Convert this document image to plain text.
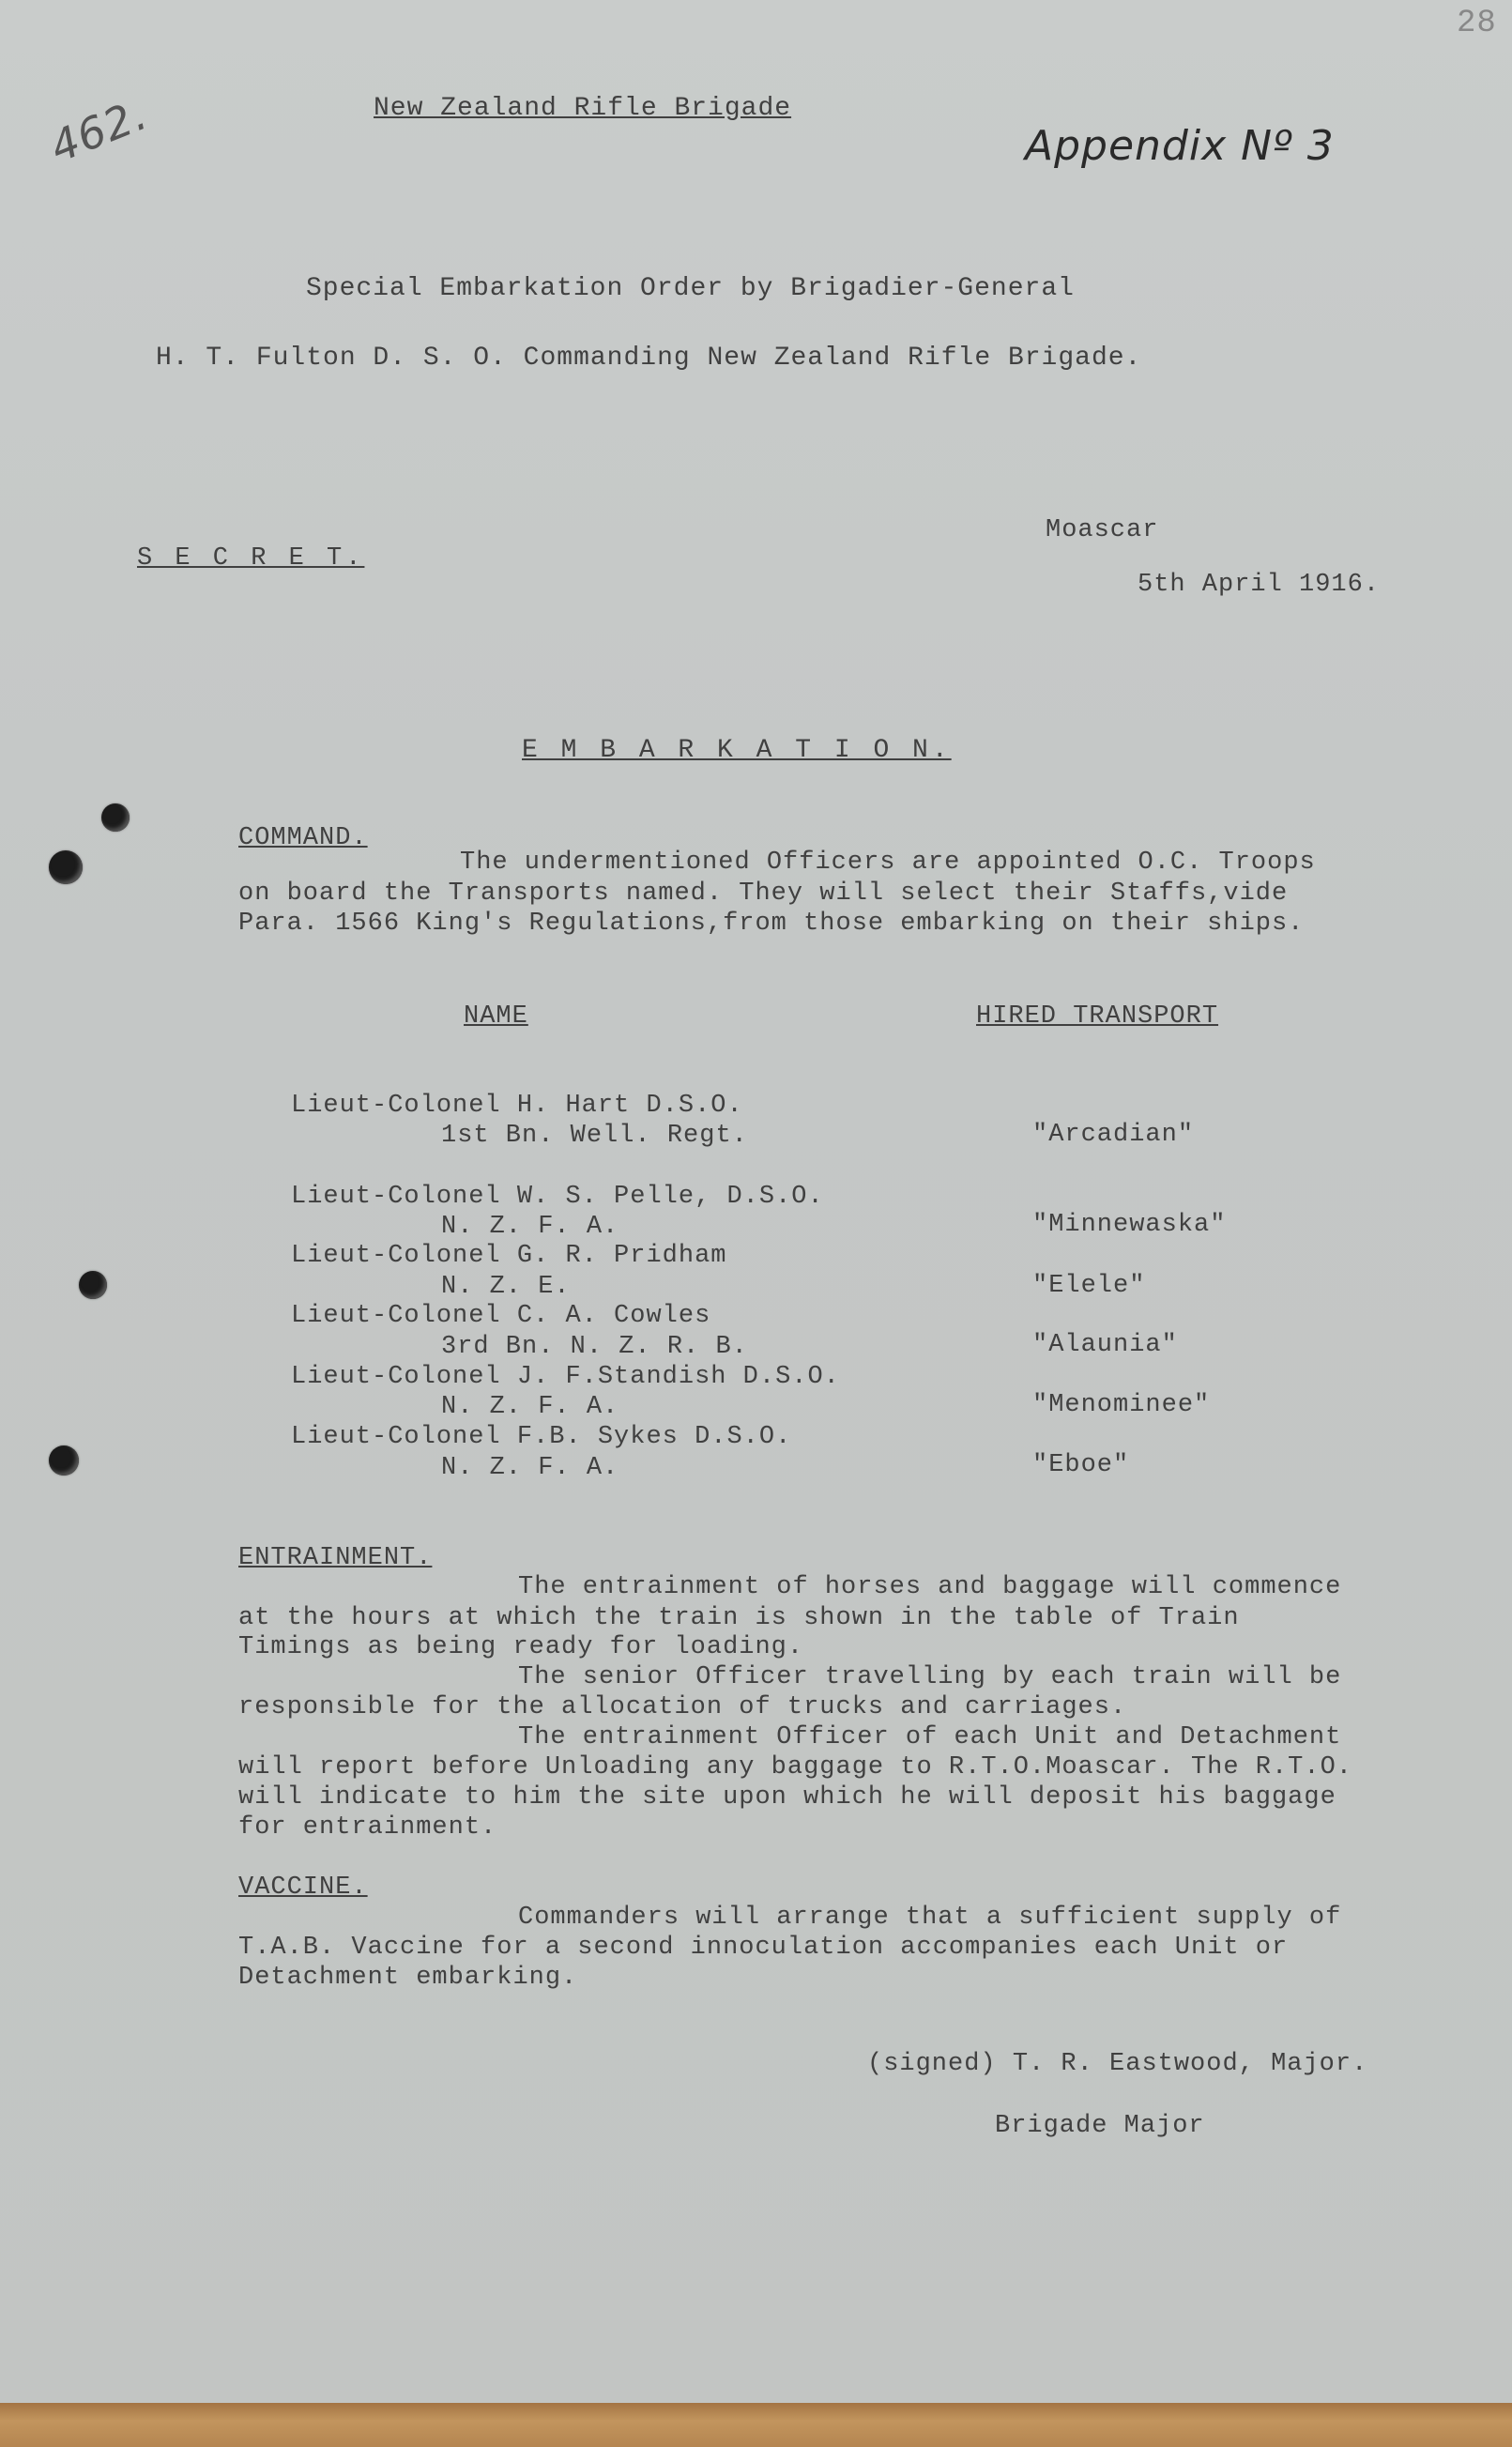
462.
28
New Zealand Rifle Brigade
Appendix Nº 3
Special Embarkation Order by Brigadier-General
H. T. Fulton D. S. O. Commanding New Zealand Rifle Brigade.
S E C R E T.
Moascar
5th April 1916.
E M B A R K A T I O N.
COMMAND.
The undermentioned Officers are appointed O.C. Troops
on board the Transports named. They will select their Staffs,vide
Para. 1566 King's Regulations,from those embarking on their ships.
NAME	HIRED TRANSPORT
Lieut-Colonel H. Hart D.S.O.
1st Bn. Well. Regt.	"Arcadian"
Lieut-Colonel W. S. Pelle, D.S.O.
N. Z. F. A.	"Minnewaska"
Lieut-Colonel G. R. Pridham
N. Z. E.	"Elele"
Lieut-Colonel C. A. Cowles
3rd Bn. N. Z. R. B.	"Alaunia"
Lieut-Colonel J. F.Standish D.S.O.
N. Z. F. A.	"Menominee"
Lieut-Colonel F.B. Sykes D.S.O.
N. Z. F. A.	"Eboe"
ENTRAINMENT.
The entrainment of horses and baggage will commence
at the hours at which the train is shown in the table of Train
Timings as being ready for loading.
The senior Officer travelling by each train will be
responsible for the allocation of trucks and carriages.
The entrainment Officer of each Unit and Detachment
will report before Unloading any baggage to R.T.O.Moascar. The R.T.O.
will indicate to him the site upon which he will deposit his baggage
for entrainment.
VACCINE.
Commanders will arrange that a sufficient supply of
T.A.B. Vaccine for a second innoculation accompanies each Unit or
Detachment embarking.
(signed) T. R. Eastwood, Major.
Brigade Major
